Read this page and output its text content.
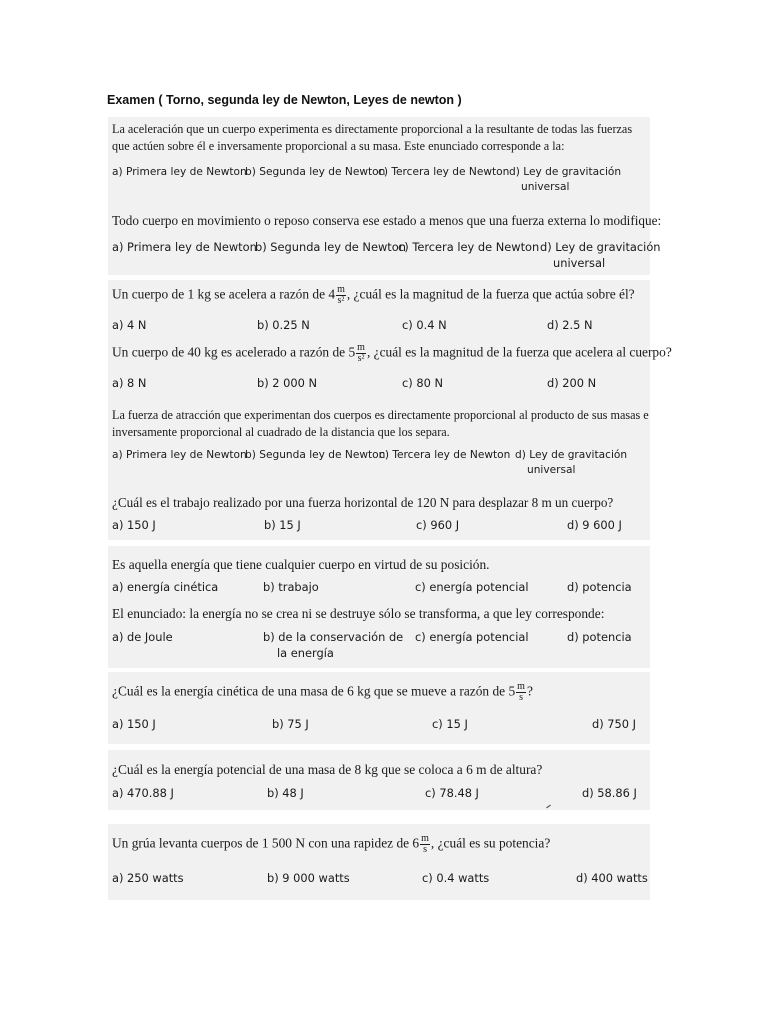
Examen ( Torno, segunda ley de Newton, Leyes de newton )
La aceleración que un cuerpo experimenta es directamente proporcional a la resultante de todas las fuerzas que actúen sobre él e inversamente proporcional a su masa. Este enunciado corresponde a la:
a) Primera ley de Newton
b) Segunda ley de Newton
c) Tercera ley de Newton d) Ley de gravitación
universal
Todo cuerpo en movimiento o reposo conserva ese estado a menos que una fuerza externa lo modifique:
a) Primera ley de Newton
b) Segunda ley de Newton
c) Tercera ley de Newton d) Ley de gravitación
universal
Un cuerpo de 1 kg se acelera a razón de $4 \frac{m}{\text{s²}}$ , ¿cuál es la magnitud de la fuerza que actúa sobre él?
a) 4 N	b) 0.25 N	c) 0.4 N	d) 2.5 N
Un cuerpo de 40 kg es acelerado a razón de $5 \frac{m}{\text{s²}}$ , ¿cuál es la magnitud de la fuerza que acelera al cuerpo?
a) 8 N	b) 2 000 N	c) 80 N	d) 200 N
La fuerza de atracción que experimentan dos cuerpos es directamente proporcional al producto de sus masas e inversamente proporcional al cuadrado de la distancia que los separa.
a) Primera ley de Newton
b) Segunda ley de Newton
c) Tercera ley de Newton d) Ley de gravitación
universal
¿Cuál es el trabajo realizado por una fuerza horizontal de 120 N para desplazar 8 m un cuerpo?
a) 150 J	b) 15 J	c) 960 J	d) 9 600 J
Es aquella energía que tiene cualquier cuerpo en virtud de su posición.
a) energía cinética	b) trabajo	c) energía potencial	d) potencia
El enunciado: la energía no se crea ni se destruye sólo se transforma, a que ley corresponde:
a) de Joule	b) de la conservación de
la energía
c) energía potencial	d) potencia
¿Cuál es la energía cinética de una masa de 6 kg que se mueve a razón de $5 \frac{m}{s}$ ?
a) 150 J	b) 75 J	c) 15 J	d) 750 J
¿Cuál es la energía potencial de una masa de 8 kg que se coloca a 6 m de altura?
a) 470.88 J	b) 48 J	c) 78.48 J	d) 58.86 J
Un grúa levanta cuerpos de 1 500 N con una rapidez de $6 \frac{m}{s}$ , ¿cuál es su potencia?
a) 250 watts	b) 9 000 watts	c) 0.4 watts	d) 400 watts
